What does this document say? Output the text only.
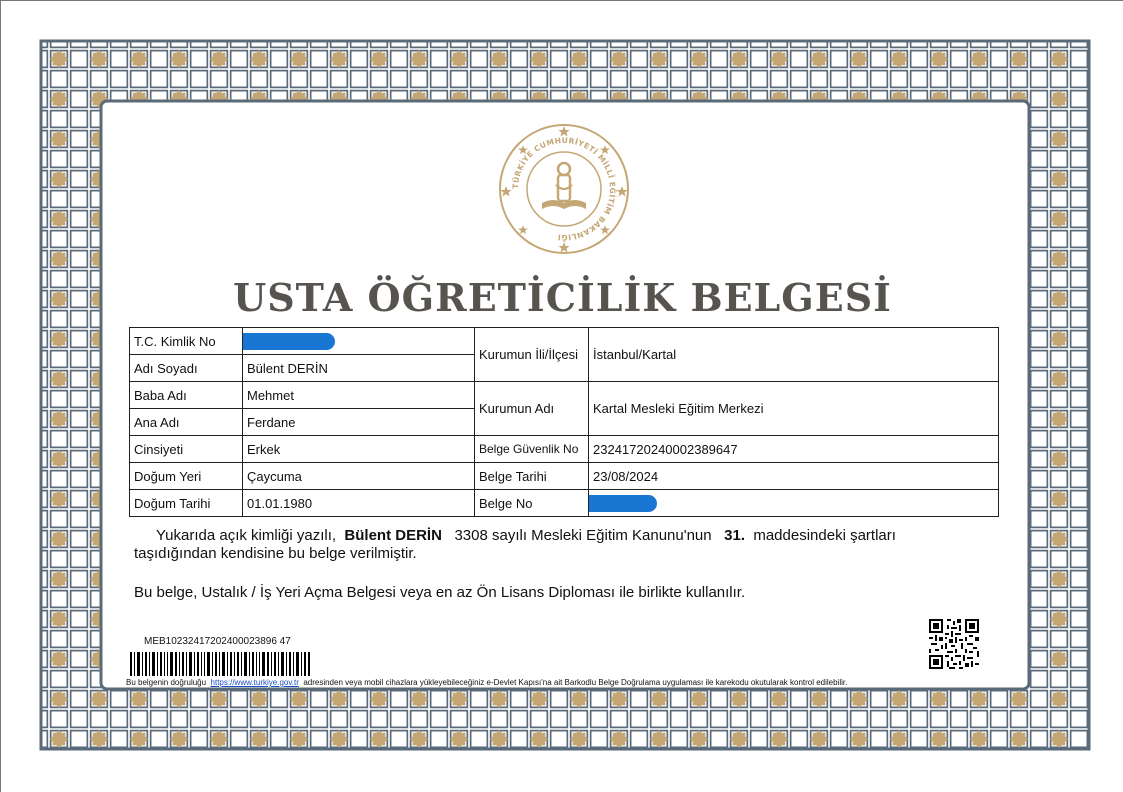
TÜRKİYE CUMHURİYETİ MİLLÎ EĞİTİM BAKANLIĞI
USTA ÖĞRETİCİLİK BELGESİ
T.C. Kimlik No		Kurumun İli/İlçesi	İstanbul/Kartal
Adı Soyadı	Bülent DERİN		
Baba Adı	Mehmet	Kurumun Adı	Kartal Mesleki Eğitim Merkezi
Ana Adı	Ferdane		
Cinsiyeti	Erkek	Belge Güvenlik No	23241720240002389647
Doğum Yeri	Çaycuma	Belge Tarihi	23/08/2024
Doğum Tarihi	01.01.1980	Belge No	
Yukarıda açık kimliği yazılı, Bülent DERİN 3308 sayılı Mesleki Eğitim Kanunu'nun 31. maddesindeki şartları taşıdığından kendisine bu belge verilmiştir.
Bu belge, Ustalık / İş Yeri Açma Belgesi veya en az Ön Lisans Diploması ile birlikte kullanılır.
MEB10232417202400023896 47
Bu belgenin doğruluğu https://www.turkiye.gov.tr adresinden veya mobil cihazlara yükleyebileceğiniz e-Devlet Kapısı'na ait Barkodlu Belge Doğrulama uygulaması ile karekodu okutularak kontrol edilebilir.
